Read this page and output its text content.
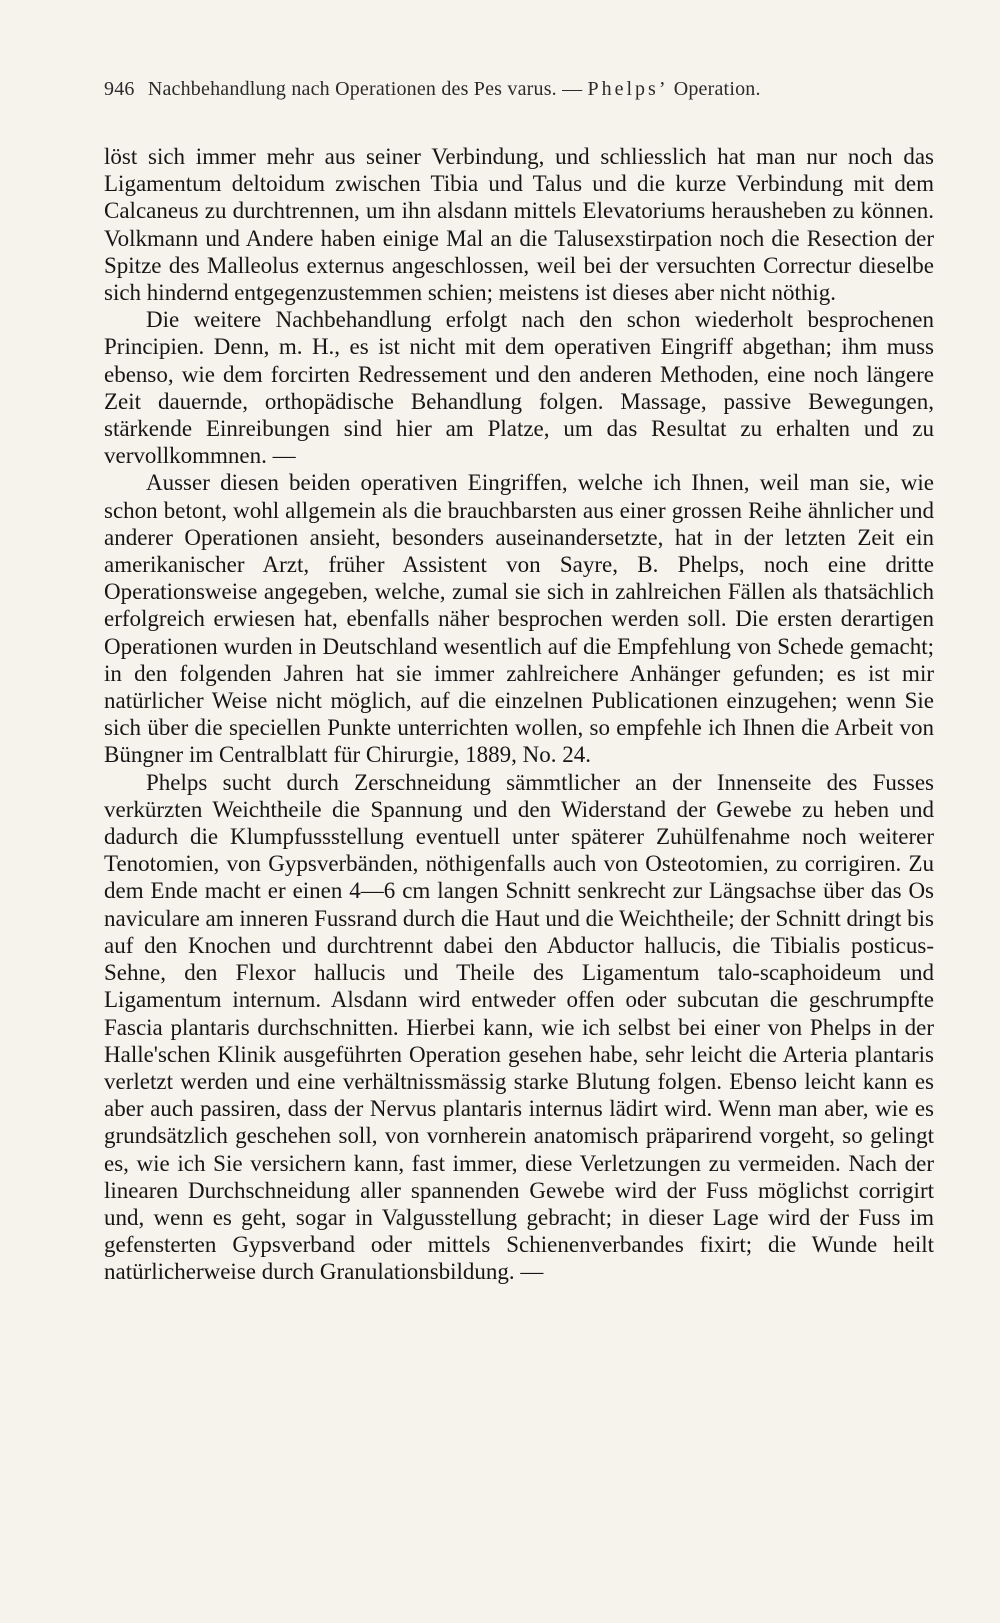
946 Nachbehandlung nach Operationen des Pes varus. — Phelps’ Operation.

löst sich immer mehr aus seiner Verbindung, und schliesslich hat man nur noch das Ligamentum deltoidum zwischen Tibia und Talus und die kurze Verbindung mit dem Calcaneus zu durchtrennen, um ihn alsdann mittels Elevatoriums herausheben zu können. Volkmann und Andere haben einige Mal an die Talusexstirpation noch die Resection der Spitze des Malleolus externus angeschlossen, weil bei der versuchten Correctur dieselbe sich hindernd entgegenzustemmen schien; meistens ist dieses aber nicht nöthig.

Die weitere Nachbehandlung erfolgt nach den schon wiederholt besprochenen Principien. Denn, m. H., es ist nicht mit dem operativen Eingriff abgethan; ihm muss ebenso, wie dem forcirten Redressement und den anderen Methoden, eine noch längere Zeit dauernde, orthopädische Behandlung folgen. Massage, passive Bewegungen, stärkende Einreibungen sind hier am Platze, um das Resultat zu erhalten und zu vervollkommnen. —

Ausser diesen beiden operativen Eingriffen, welche ich Ihnen, weil man sie, wie schon betont, wohl allgemein als die brauchbarsten aus einer grossen Reihe ähnlicher und anderer Operationen ansieht, besonders auseinandersetzte, hat in der letzten Zeit ein amerikanischer Arzt, früher Assistent von Sayre, B. Phelps, noch eine dritte Operationsweise angegeben, welche, zumal sie sich in zahlreichen Fällen als thatsächlich erfolgreich erwiesen hat, ebenfalls näher besprochen werden soll. Die ersten derartigen Operationen wurden in Deutschland wesentlich auf die Empfehlung von Schede gemacht; in den folgenden Jahren hat sie immer zahlreichere Anhänger gefunden; es ist mir natürlicher Weise nicht möglich, auf die einzelnen Publicationen einzugehen; wenn Sie sich über die speciellen Punkte unterrichten wollen, so empfehle ich Ihnen die Arbeit von Büngner im Centralblatt für Chirurgie, 1889, No. 24.

Phelps sucht durch Zerschneidung sämmtlicher an der Innenseite des Fusses verkürzten Weichtheile die Spannung und den Widerstand der Gewebe zu heben und dadurch die Klumpfussstellung eventuell unter späterer Zuhülfenahme noch weiterer Tenotomien, von Gypsverbänden, nöthigenfalls auch von Osteotomien, zu corrigiren. Zu dem Ende macht er einen 4—6 cm langen Schnitt senkrecht zur Längsachse über das Os naviculare am inneren Fussrand durch die Haut und die Weichtheile; der Schnitt dringt bis auf den Knochen und durchtrennt dabei den Abductor hallucis, die Tibialis posticus-Sehne, den Flexor hallucis und Theile des Ligamentum talo-scaphoideum und Ligamentum internum. Alsdann wird entweder offen oder subcutan die geschrumpfte Fascia plantaris durchschnitten. Hierbei kann, wie ich selbst bei einer von Phelps in der Halle'schen Klinik ausgeführten Operation gesehen habe, sehr leicht die Arteria plantaris verletzt werden und eine verhältnissmässig starke Blutung folgen. Ebenso leicht kann es aber auch passiren, dass der Nervus plantaris internus lädirt wird. Wenn man aber, wie es grundsätzlich geschehen soll, von vornherein anatomisch präparirend vorgeht, so gelingt es, wie ich Sie versichern kann, fast immer, diese Verletzungen zu vermeiden. Nach der linearen Durchschneidung aller spannenden Gewebe wird der Fuss möglichst corrigirt und, wenn es geht, sogar in Valgusstellung gebracht; in dieser Lage wird der Fuss im gefensterten Gypsverband oder mittels Schienenverbandes fixirt; die Wunde heilt natürlicherweise durch Granulationsbildung. —
